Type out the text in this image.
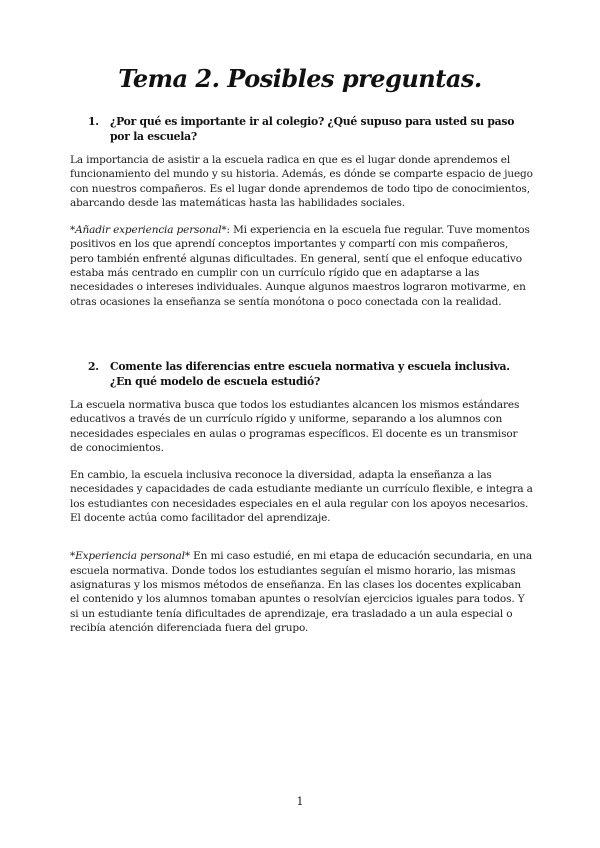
Tema 2. Posibles preguntas.
1.	¿Por qué es importante ir al colegio? ¿Qué supuso para usted su paso por la escuela?

La importancia de asistir a la escuela radica en que es el lugar donde aprendemos el funcionamiento del mundo y su historia. Además, es dónde se comparte espacio de juego con nuestros compañeros. Es el lugar donde aprendemos de todo tipo de conocimientos, abarcando desde las matemáticas hasta las habilidades sociales.

*Añadir experiencia personal*: Mi experiencia en la escuela fue regular. Tuve momentos positivos en los que aprendí conceptos importantes y compartí con mis compañeros, pero también enfrenté algunas dificultades. En general, sentí que el enfoque educativo estaba más centrado en cumplir con un currículo rígido que en adaptarse a las necesidades o intereses individuales. Aunque algunos maestros lograron motivarme, en otras ocasiones la enseñanza se sentía monótona o poco conectada con la realidad.

2.	Comente las diferencias entre escuela normativa y escuela inclusiva. ¿En qué modelo de escuela estudió?

La escuela normativa busca que todos los estudiantes alcancen los mismos estándares educativos a través de un currículo rígido y uniforme, separando a los alumnos con necesidades especiales en aulas o programas específicos. El docente es un transmisor de conocimientos.

En cambio, la escuela inclusiva reconoce la diversidad, adapta la enseñanza a las necesidades y capacidades de cada estudiante mediante un currículo flexible, e integra a los estudiantes con necesidades especiales en el aula regular con los apoyos necesarios. El docente actúa como facilitador del aprendizaje.

*Experiencia personal* En mi caso estudié, en mi etapa de educación secundaria, en una escuela normativa. Donde todos los estudiantes seguían el mismo horario, las mismas asignaturas y los mismos métodos de enseñanza. En las clases los docentes explicaban el contenido y los alumnos tomaban apuntes o resolvían ejercicios iguales para todos. Y si un estudiante tenía dificultades de aprendizaje, era trasladado a un aula especial o recibía atención diferenciada fuera del grupo.

1
